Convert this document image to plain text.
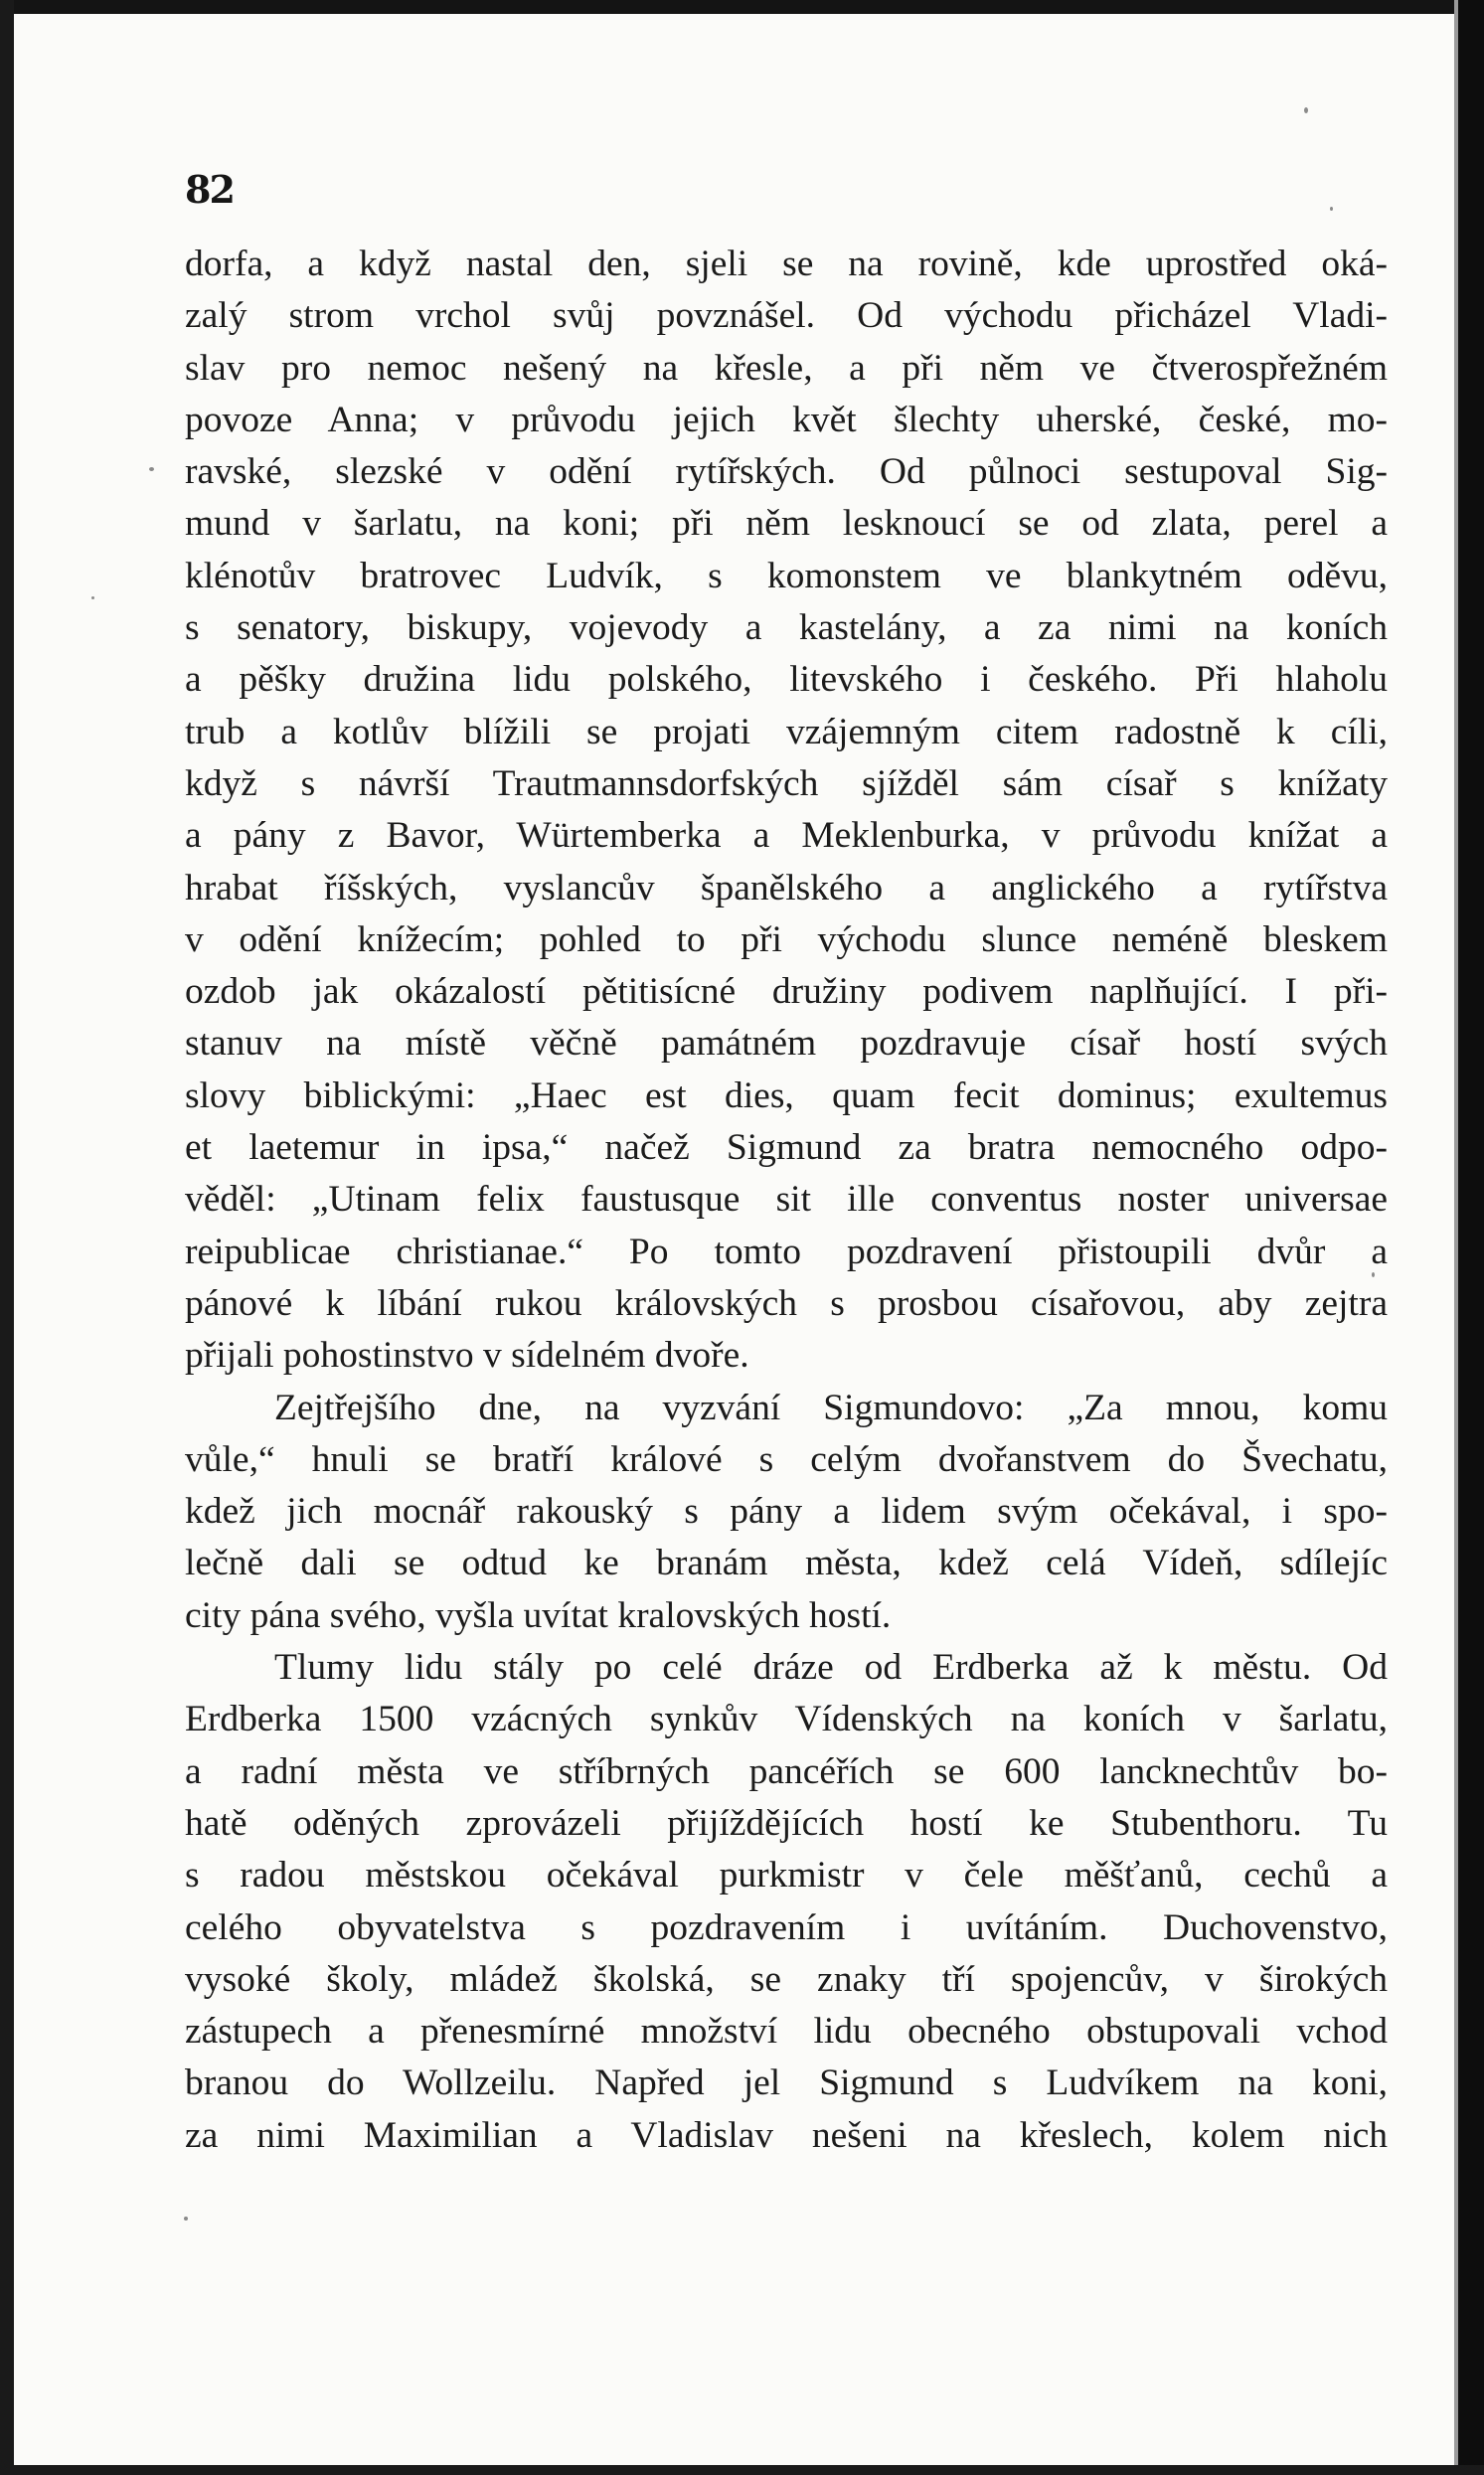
82
dorfa, a když nastal den, sjeli se na rovině, kde uprostřed oká-
zalý strom vrchol svůj povznášel. Od východu přicházel Vladi-
slav pro nemoc nešený na křesle, a při něm ve čtverospřežném
povoze Anna; v průvodu jejich květ šlechty uherské, české, mo-
ravské, slezské v odění rytířských. Od půlnoci sestupoval Sig-
mund v šarlatu, na koni; při něm lesknoucí se od zlata, perel a
klénotův bratrovec Ludvík, s komonstem ve blankytném oděvu,
s senatory, biskupy, vojevody a kastelány, a za nimi na koních
a pěšky družina lidu polského, litevského i českého. Při hlaholu
trub a kotlův blížili se projati vzájemným citem radostně k cíli,
když s návrší Trautmannsdorfských sjížděl sám císař s knížaty
a pány z Bavor, Würtemberka a Meklenburka, v průvodu knížat a
hrabat říšských, vyslancův španělského a anglického a rytířstva
v odění knížecím; pohled to při východu slunce neméně bleskem
ozdob jak okázalostí pětitisícné družiny podivem naplňující. I při-
stanuv na místě věčně památném pozdravuje císař hostí svých
slovy biblickými: „Haec est dies, quam fecit dominus; exultemus
et laetemur in ipsa,“ načež Sigmund za bratra nemocného odpo-
věděl: „Utinam felix faustusque sit ille conventus noster universae
reipublicae christianae.“ Po tomto pozdravení přistoupili dvůr a
pánové k líbání rukou královských s prosbou císařovou, aby zejtra
přijali pohostinstvo v sídelném dvoře.
Zejtřejšího dne, na vyzvání Sigmundovo: „Za mnou, komu
vůle,“ hnuli se bratří králové s celým dvořanstvem do Švechatu,
kdež jich mocnář rakouský s pány a lidem svým očekával, i spo-
lečně dali se odtud ke branám města, kdež celá Vídeň, sdílejíc
city pána svého, vyšla uvítat kralovských hostí.
Tlumy lidu stály po celé dráze od Erdberka až k městu. Od
Erdberka 1500 vzácných synkův Vídenských na koních v šarlatu,
a radní města ve stříbrných pancéřích se 600 lancknechtův bo-
hatě oděných zprovázeli přijíždějících hostí ke Stubenthoru. Tu
s radou městskou očekával purkmistr v čele měšťanů, cechů a
celého obyvatelstva s pozdravením i uvítáním. Duchovenstvo,
vysoké školy, mládež školská, se znaky tří spojencův, v širokých
zástupech a přenesmírné množství lidu obecného obstupovali vchod
branou do Wollzeilu. Napřed jel Sigmund s Ludvíkem na koni,
za nimi Maximilian a Vladislav nešeni na křeslech, kolem nich
